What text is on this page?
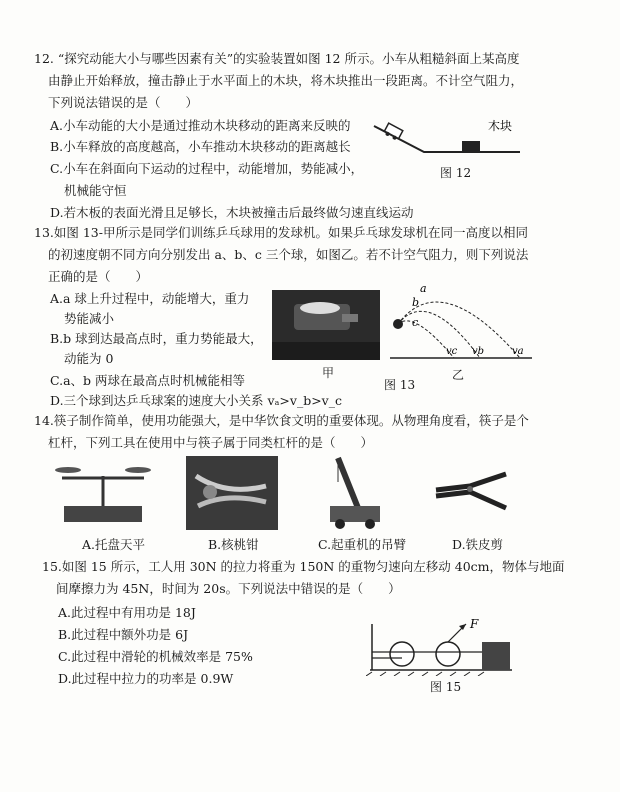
12. “探究动能大小与哪些因素有关”的实验装置如图 12 所示。小车从粗糙斜面上某高度
由静止开始释放，撞击静止于水平面上的木块，将木块推出一段距离。不计空气阻力，
下列说法错误的是（　　）
A.小车动能的大小是通过推动木块移动的距离来反映的
B.小车释放的高度越高，小车推动木块移动的距离越长
C.小车在斜面向下运动的过程中，动能增加，势能减小，
机械能守恒
D.若木板的表面光滑且足够长，木块被撞击后最终做匀速直线运动
木块
图 12
13.如图 13-甲所示是同学们训练乒乓球用的发球机。如果乒乓球发球机在同一高度以相同
的初速度朝不同方向分别发出 a、b、c 三个球，如图乙。若不计空气阻力，则下列说法
正确的是（　　）
A.a 球上升过程中，动能增大，重力
势能减小
B.b 球到达最高点时，重力势能最大，
动能为 0
C.a、b 两球在最高点时机械能相等
D.三个球到达乒乓球案的速度大小关系 vₐ>v_b>v_c
甲
a
b
c
vc vb	va
图 13
乙
14.筷子制作简单，使用功能强大，是中华饮食文明的重要体现。从物理角度看，筷子是个
杠杆，下列工具在使用中与筷子属于同类杠杆的是（　　）
A.托盘天平	B.核桃钳	C.起重机的吊臂	D.铁皮剪
15.如图 15 所示，工人用 30N 的拉力将重为 150N 的重物匀速向左移动 40cm，物体与地面
间摩擦力为 45N，时间为 20s。下列说法中错误的是（　　）
A.此过程中有用功是 18J
B.此过程中额外功是 6J
C.此过程中滑轮的机械效率是 75%
D.此过程中拉力的功率是 0.9W
F
图 15
